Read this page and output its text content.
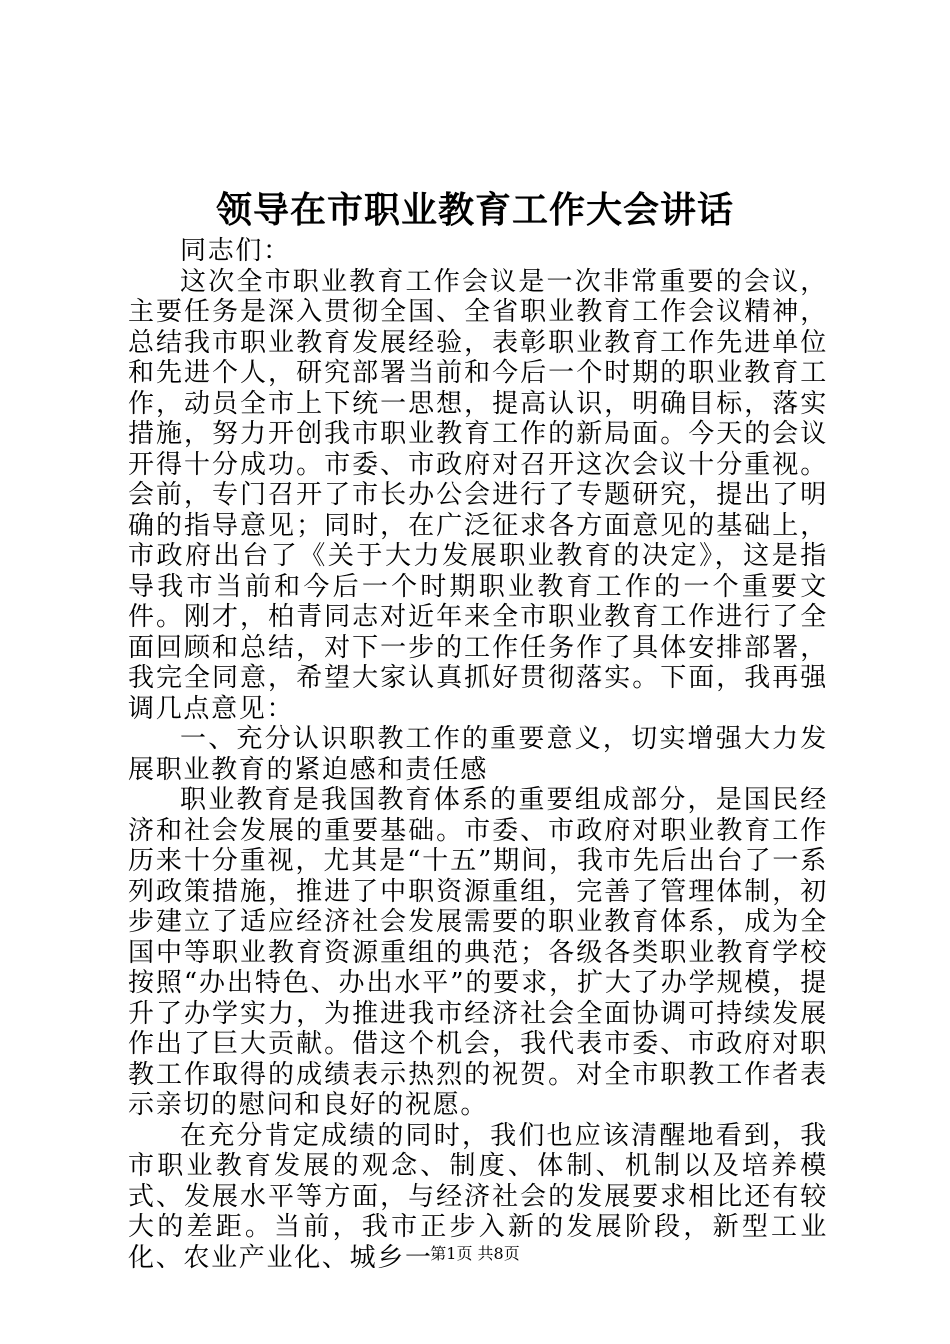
领导在市职业教育工作大会讲话

同志们：

这次全市职业教育工作会议是一次非常重要的会议，主要任务是深入贯彻全国、全省职业教育工作会议精神，总结我市职业教育发展经验，表彰职业教育工作先进单位和先进个人，研究部署当前和今后一个时期的职业教育工作，动员全市上下统一思想，提高认识，明确目标，落实措施，努力开创我市职业教育工作的新局面。今天的会议开得十分成功。市委、市政府对召开这次会议十分重视。会前，专门召开了市长办公会进行了专题研究，提出了明确的指导意见；同时，在广泛征求各方面意见的基础上，市政府出台了《关于大力发展职业教育的决定》，这是指导我市当前和今后一个时期职业教育工作的一个重要文件。刚才，柏青同志对近年来全市职业教育工作进行了全面回顾和总结，对下一步的工作任务作了具体安排部署，我完全同意，希望大家认真抓好贯彻落实。下面，我再强调几点意见：

一、充分认识职教工作的重要意义，切实增强大力发展职业教育的紧迫感和责任感

职业教育是我国教育体系的重要组成部分，是国民经济和社会发展的重要基础。市委、市政府对职业教育工作历来十分重视，尤其是“十五”期间，我市先后出台了一系列政策措施，推进了中职资源重组，完善了管理体制，初步建立了适应经济社会发展需要的职业教育体系，成为全国中等职业教育资源重组的典范；各级各类职业教育学校按照“办出特色、办出水平”的要求，扩大了办学规模，提升了办学实力，为推进我市经济社会全面协调可持续发展作出了巨大贡献。借这个机会，我代表市委、市政府对职教工作取得的成绩表示热烈的祝贺。对全市职教工作者表示亲切的慰问和良好的祝愿。

在充分肯定成绩的同时，我们也应该清醒地看到，我市职业教育发展的观念、制度、体制、机制以及培养模式、发展水平等方面，与经济社会的发展要求相比还有较大的差距。当前，我市正步入新的发展阶段，新型工业化、农业产业化、城乡一

第1页 共8页
